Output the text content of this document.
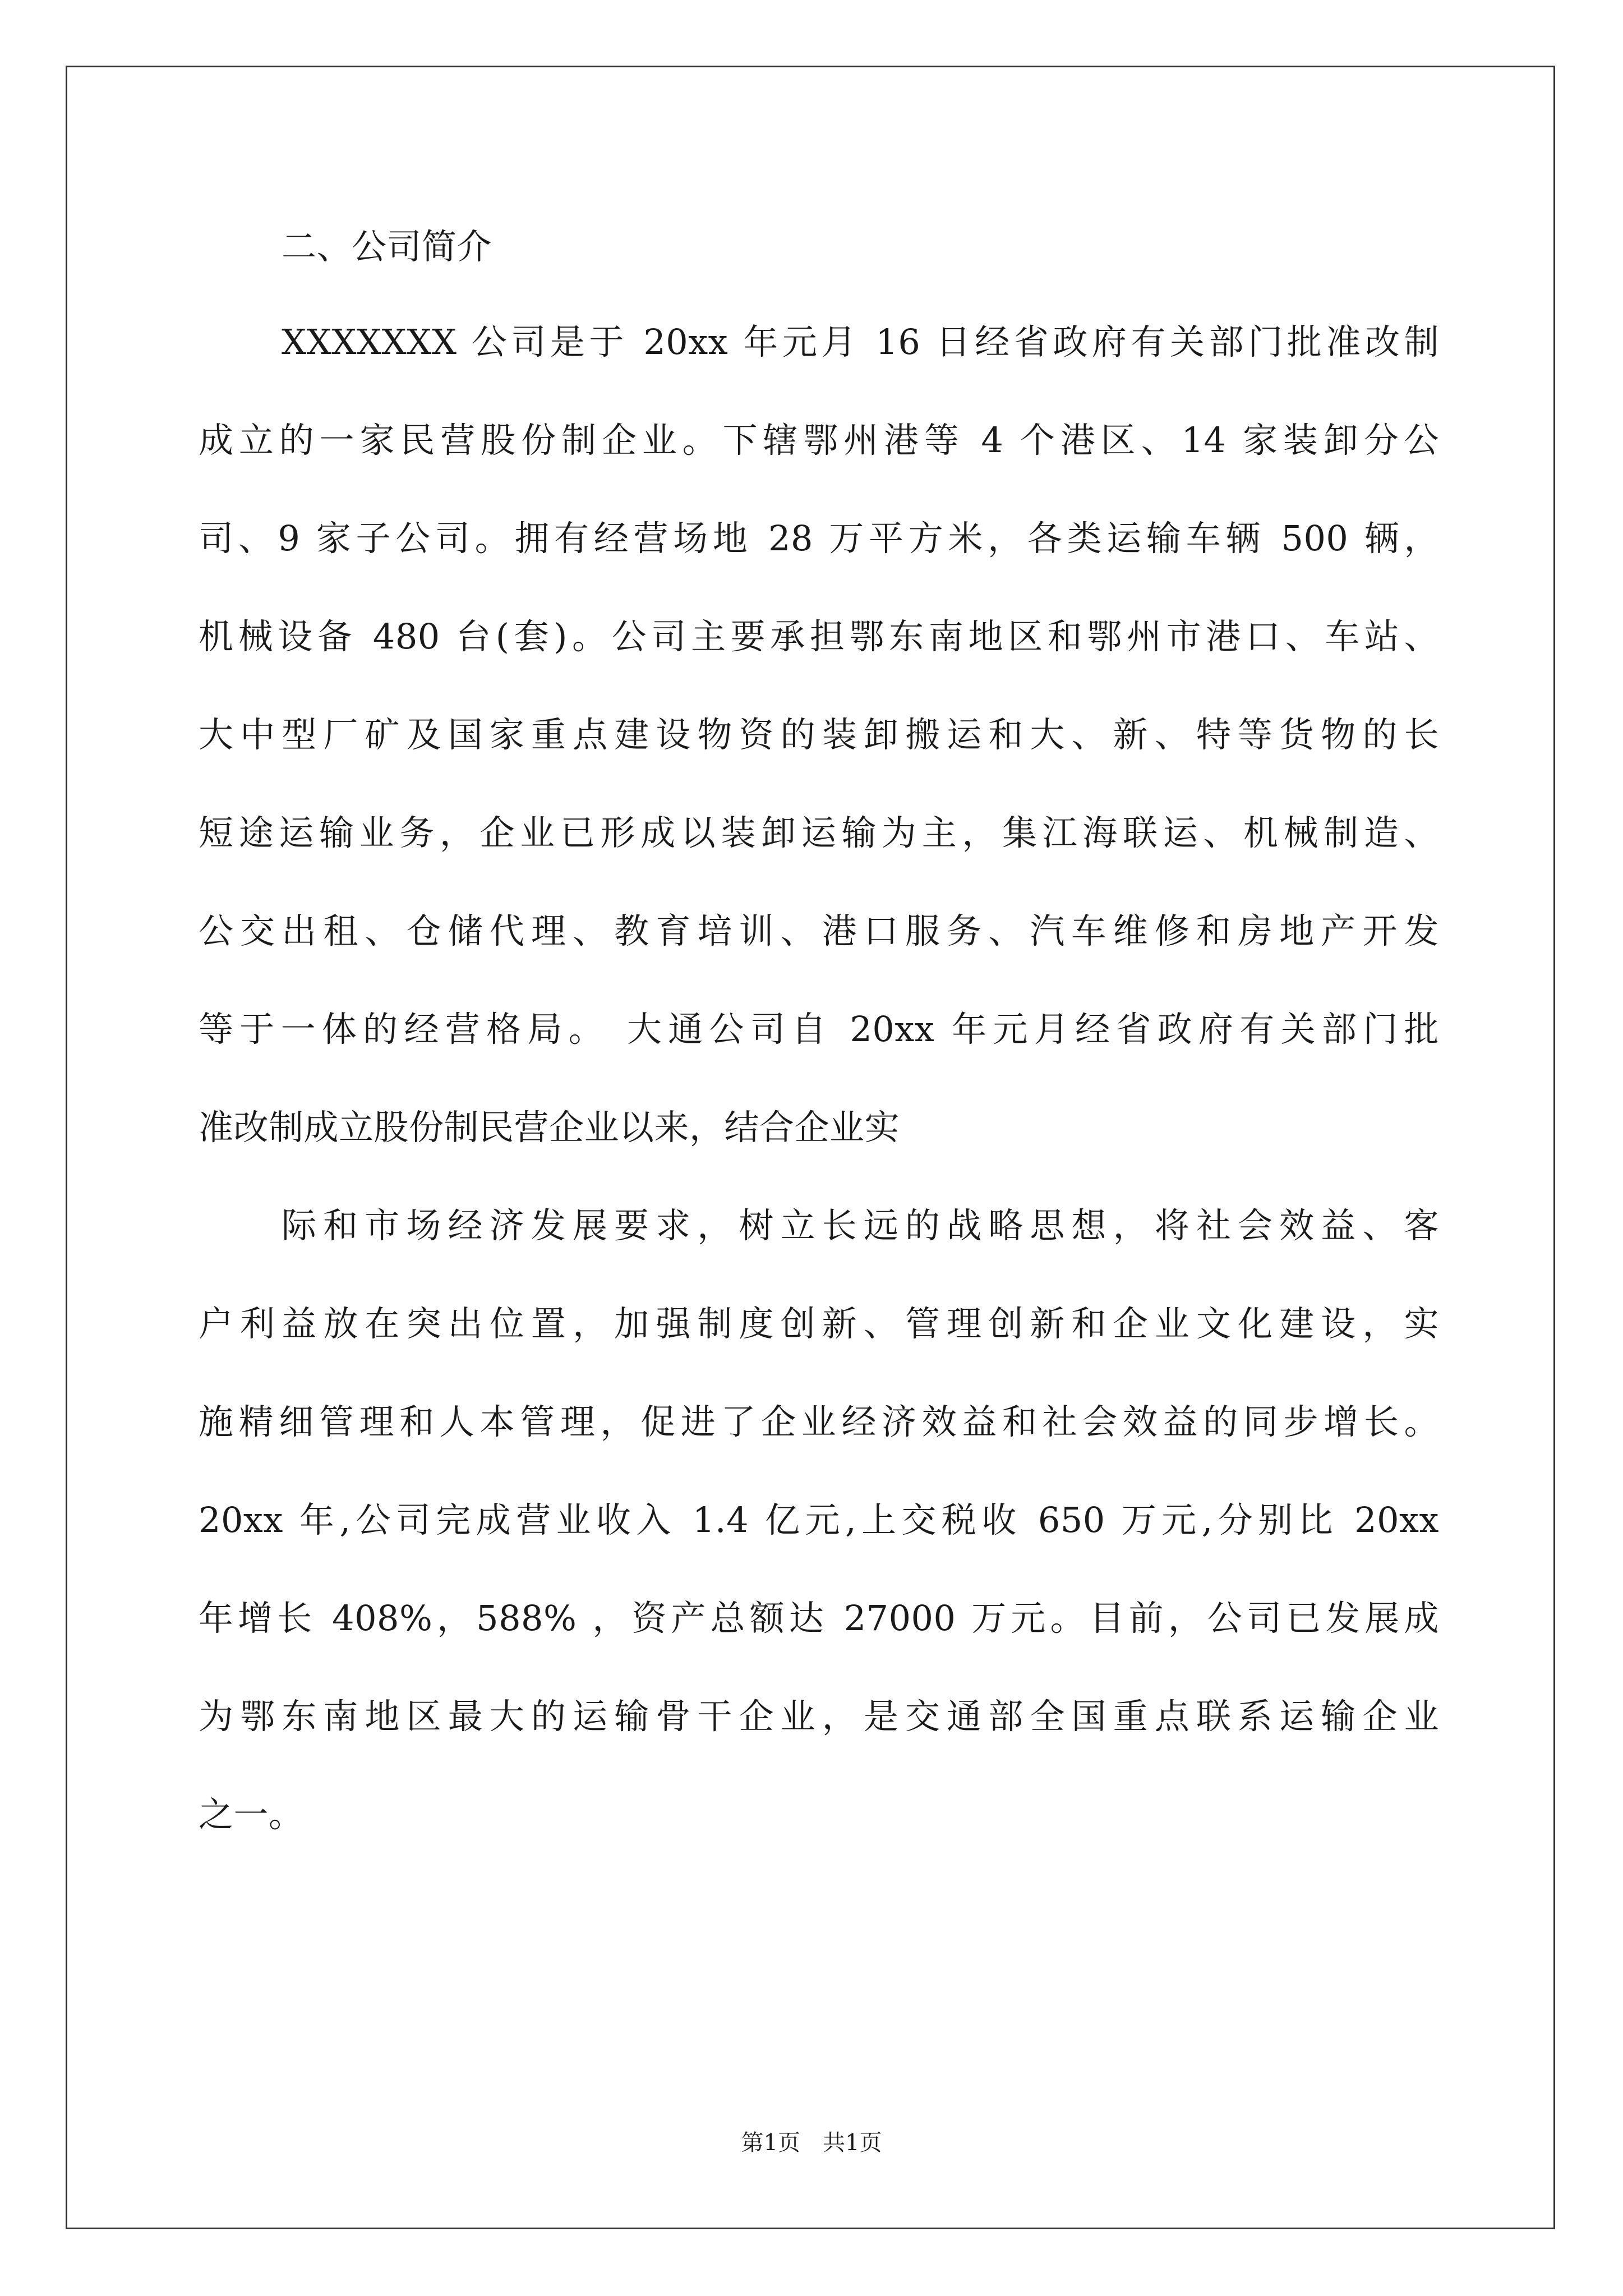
二、公司简介
XXXXXXX 公司是于 20xx 年元月 16 日经省政府有关部门批准改制
成立的一家民营股份制企业。下辖鄂州港等 4 个港区、14 家装卸分公
司、9 家子公司。拥有经营场地 28 万平方米，各类运输车辆 500 辆，
机械设备 480 台(套)。公司主要承担鄂东南地区和鄂州市港口、车站、
大中型厂矿及国家重点建设物资的装卸搬运和大、新、特等货物的长
短途运输业务，企业已形成以装卸运输为主，集江海联运、机械制造、
公交出租、仓储代理、教育培训、港口服务、汽车维修和房地产开发
等于一体的经营格局。 大通公司自 20xx 年元月经省政府有关部门批
准改制成立股份制民营企业以来，结合企业实
际和市场经济发展要求，树立长远的战略思想，将社会效益、客
户利益放在突出位置，加强制度创新、管理创新和企业文化建设，实
施精细管理和人本管理，促进了企业经济效益和社会效益的同步增长。
20xx 年,公司完成营业收入 1.4 亿元,上交税收 650 万元,分别比 20xx
年增长 408%，588% ，资产总额达 27000 万元。目前，公司已发展成
为鄂东南地区最大的运输骨干企业，是交通部全国重点联系运输企业
之一。
第1页　共1页
